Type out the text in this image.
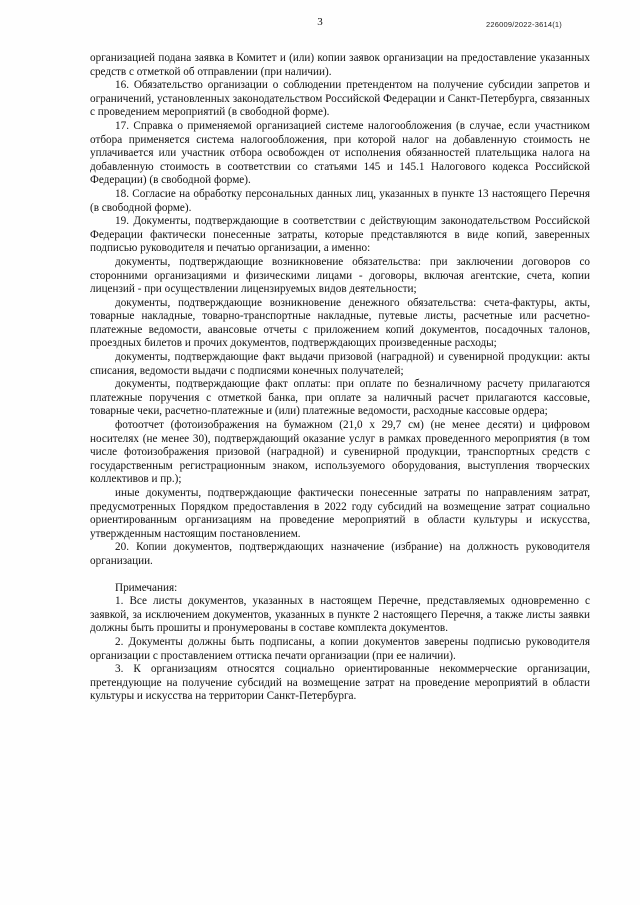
3	226009/2022-3614(1)

организацией подана заявка в Комитет и (или) копии заявок организации на предоставление указанных средств с отметкой об отправлении (при наличии).

16. Обязательство организации о соблюдении претендентом на получение субсидии запретов и ограничений, установленных законодательством Российской Федерации и Санкт-Петербурга, связанных с проведением мероприятий (в свободной форме).

17. Справка о применяемой организацией системе налогообложения (в случае, если участником отбора применяется система налогообложения, при которой налог на добавленную стоимость не уплачивается или участник отбора освобожден от исполнения обязанностей плательщика налога на добавленную стоимость в соответствии со статьями 145 и 145.1 Налогового кодекса Российской Федерации) (в свободной форме).

18. Согласие на обработку персональных данных лиц, указанных в пункте 13 настоящего Перечня (в свободной форме).

19. Документы, подтверждающие в соответствии с действующим законодательством Российской Федерации фактически понесенные затраты, которые представляются в виде копий, заверенных подписью руководителя и печатью организации, а именно:

документы, подтверждающие возникновение обязательства: при заключении договоров со сторонними организациями и физическими лицами - договоры, включая агентские, счета, копии лицензий - при осуществлении лицензируемых видов деятельности;

документы, подтверждающие возникновение денежного обязательства: счета-фактуры, акты, товарные накладные, товарно-транспортные накладные, путевые листы, расчетные или расчетно-платежные ведомости, авансовые отчеты с приложением копий документов, посадочных талонов, проездных билетов и прочих документов, подтверждающих произведенные расходы;

документы, подтверждающие факт выдачи призовой (наградной) и сувенирной продукции: акты списания, ведомости выдачи с подписями конечных получателей;

документы, подтверждающие факт оплаты: при оплате по безналичному расчету прилагаются платежные поручения с отметкой банка, при оплате за наличный расчет прилагаются кассовые, товарные чеки, расчетно-платежные и (или) платежные ведомости, расходные кассовые ордера;

фотоотчет (фотоизображения на бумажном (21,0 x 29,7 см) (не менее десяти) и цифровом носителях (не менее 30), подтверждающий оказание услуг в рамках проведенного мероприятия (в том числе фотоизображения призовой (наградной) и сувенирной продукции, транспортных средств с государственным регистрационным знаком, используемого оборудования, выступления творческих коллективов и пр.);

иные документы, подтверждающие фактически понесенные затраты по направлениям затрат, предусмотренных Порядком предоставления в 2022 году субсидий на возмещение затрат социально ориентированным организациям на проведение мероприятий в области культуры и искусства, утвержденным настоящим постановлением.

20. Копии документов, подтверждающих назначение (избрание) на должность руководителя организации.

Примечания:

1. Все листы документов, указанных в настоящем Перечне, представляемых одновременно с заявкой, за исключением документов, указанных в пункте 2 настоящего Перечня, а также листы заявки должны быть прошиты и пронумерованы в составе комплекта документов.

2. Документы должны быть подписаны, а копии документов заверены подписью руководителя организации с проставлением оттиска печати организации (при ее наличии).

3. К организациям относятся социально ориентированные некоммерческие организации, претендующие на получение субсидий на возмещение затрат на проведение мероприятий в области культуры и искусства на территории Санкт-Петербурга.
